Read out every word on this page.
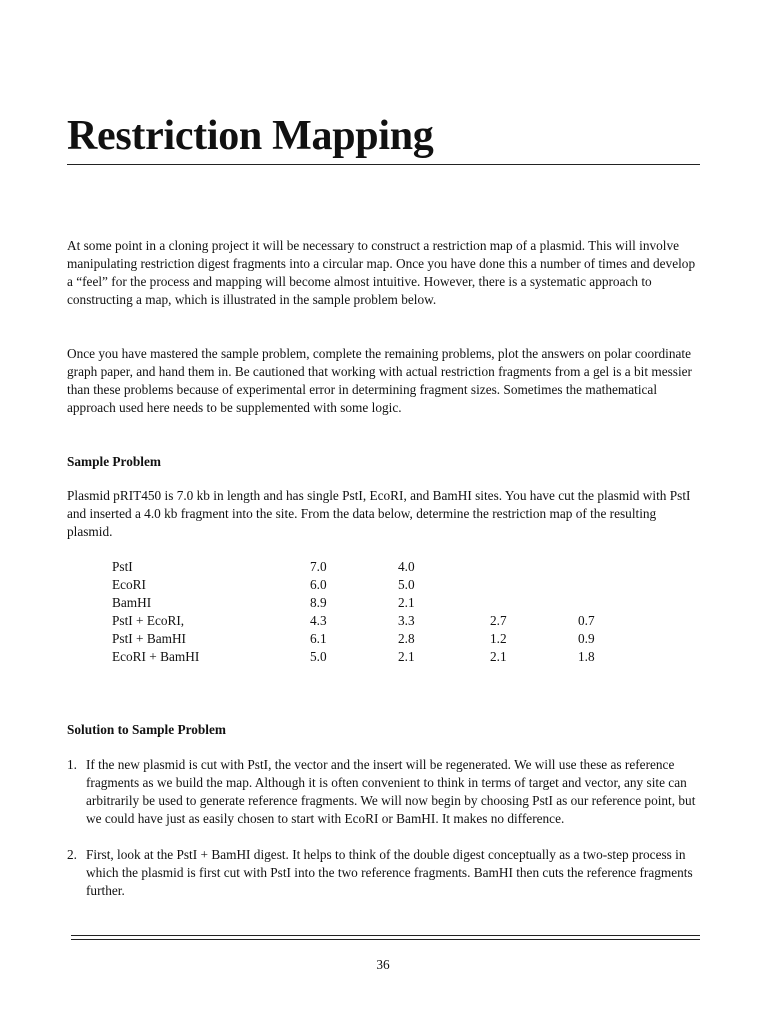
Restriction Mapping

At some point in a cloning project it will be necessary to construct a restriction map of a plasmid. This will involve manipulating restriction digest fragments into a circular map. Once you have done this a number of times and develop a “feel” for the process and mapping will become almost intuitive. However, there is a systematic approach to constructing a map, which is illustrated in the sample problem below.

Once you have mastered the sample problem, complete the remaining problems, plot the answers on polar coordinate graph paper, and hand them in. Be cautioned that working with actual restriction fragments from a gel is a bit messier than these problems because of experimental error in determining fragment sizes. Sometimes the mathematical approach used here needs to be supplemented with some logic.

Sample Problem

Plasmid pRIT450 is 7.0 kb in length and has single PstI, EcoRI, and BamHI sites. You have cut the plasmid with PstI and inserted a 4.0 kb fragment into the site. From the data below, determine the restriction map of the resulting plasmid.

PstI	7.0	4.0		
EcoRI	6.0	5.0		
BamHI	8.9	2.1		
PstI + EcoRI,	4.3	3.3	2.7	0.7
PstI + BamHI	6.1	2.8	1.2	0.9
EcoRI + BamHI	5.0	2.1	2.1	1.8

Solution to Sample Problem

1. If the new plasmid is cut with PstI, the vector and the insert will be regenerated. We will use these as reference fragments as we build the map. Although it is often convenient to think in terms of target and vector, any site can arbitrarily be used to generate reference fragments. We will now begin by choosing PstI as our reference point, but we could have just as easily chosen to start with EcoRI or BamHI. It makes no difference.
2. First, look at the PstI + BamHI digest. It helps to think of the double digest conceptually as a two-step process in which the plasmid is first cut with PstI into the two reference fragments. BamHI then cuts the reference fragments further.
36
